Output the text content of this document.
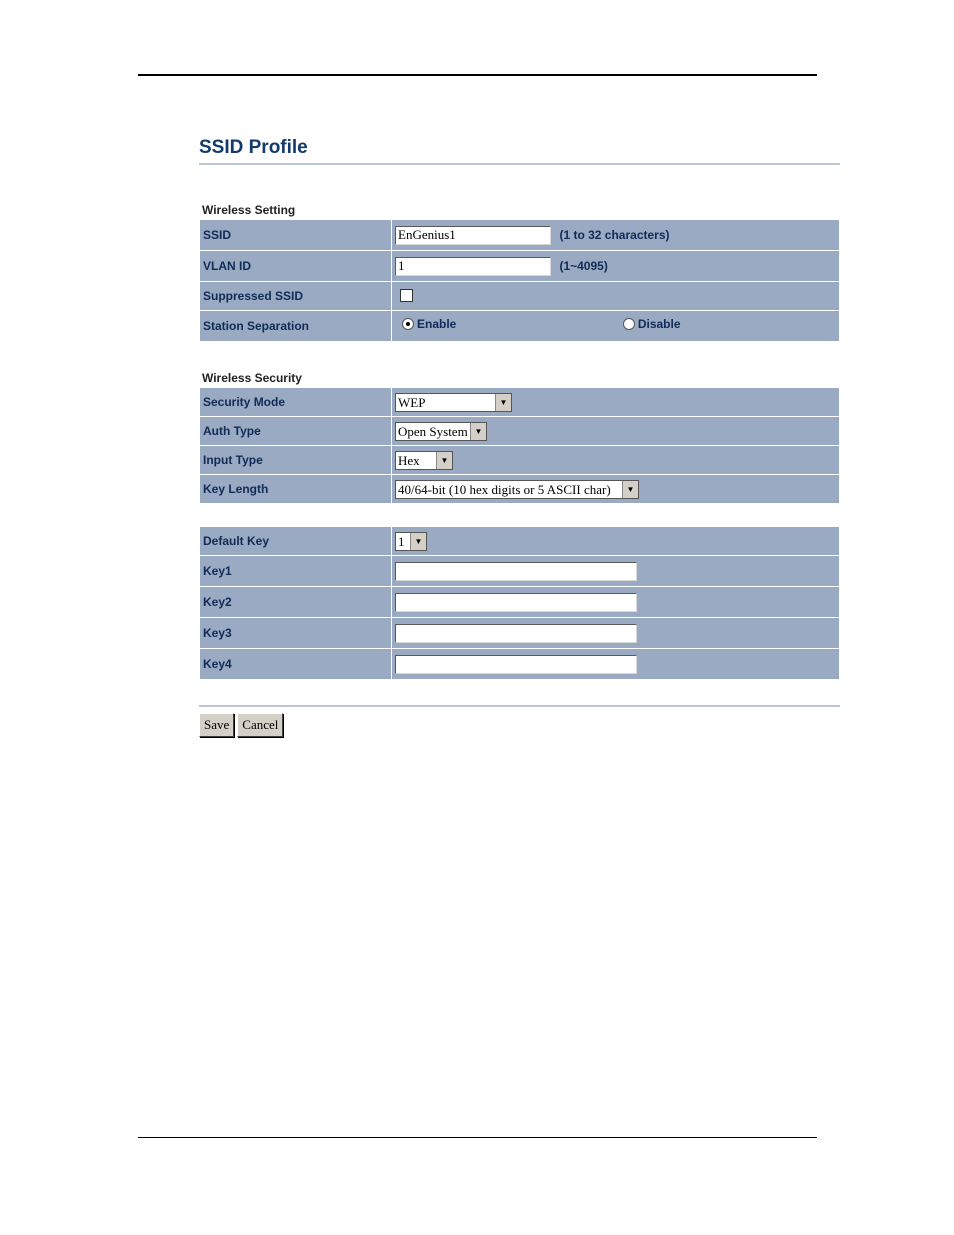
SSID Profile
Wireless Setting
SSID	EnGenius1(1 to 32 characters)
VLAN ID	1(1~4095)
Suppressed SSID	
Station Separation	Enable
Disable
Wireless Security
Security Mode	WEP ▼

Auth Type	Open System ▼

Input Type	Hex ▼

Key Length	40/64-bit (10 hex digits or 5 ASCII char) ▼
Default Key	1 ▼

Key1	
Key2	
Key3	
Key4	
Save	Cancel
